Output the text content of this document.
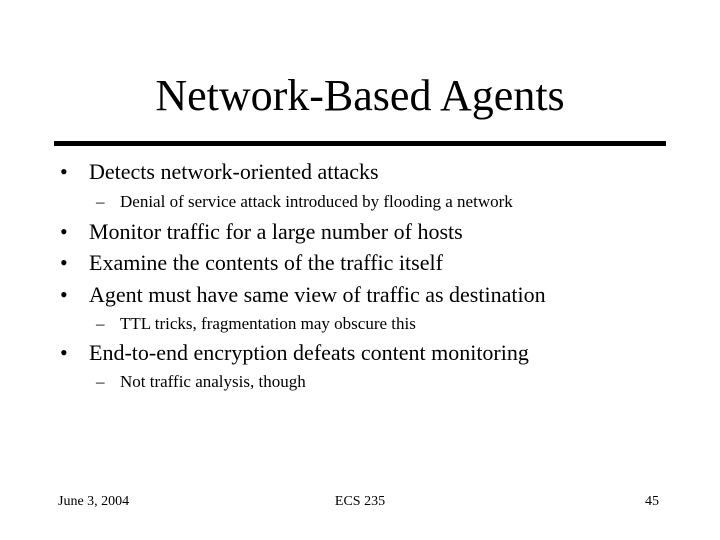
Network-Based Agents
• Detects network-oriented attacks
– Denial of service attack introduced by flooding a network
• Monitor traffic for a large number of hosts
• Examine the contents of the traffic itself
• Agent must have same view of traffic as destination
– TTL tricks, fragmentation may obscure this
• End-to-end encryption defeats content monitoring
– Not traffic analysis, though
June 3, 2004	ECS 235	45
